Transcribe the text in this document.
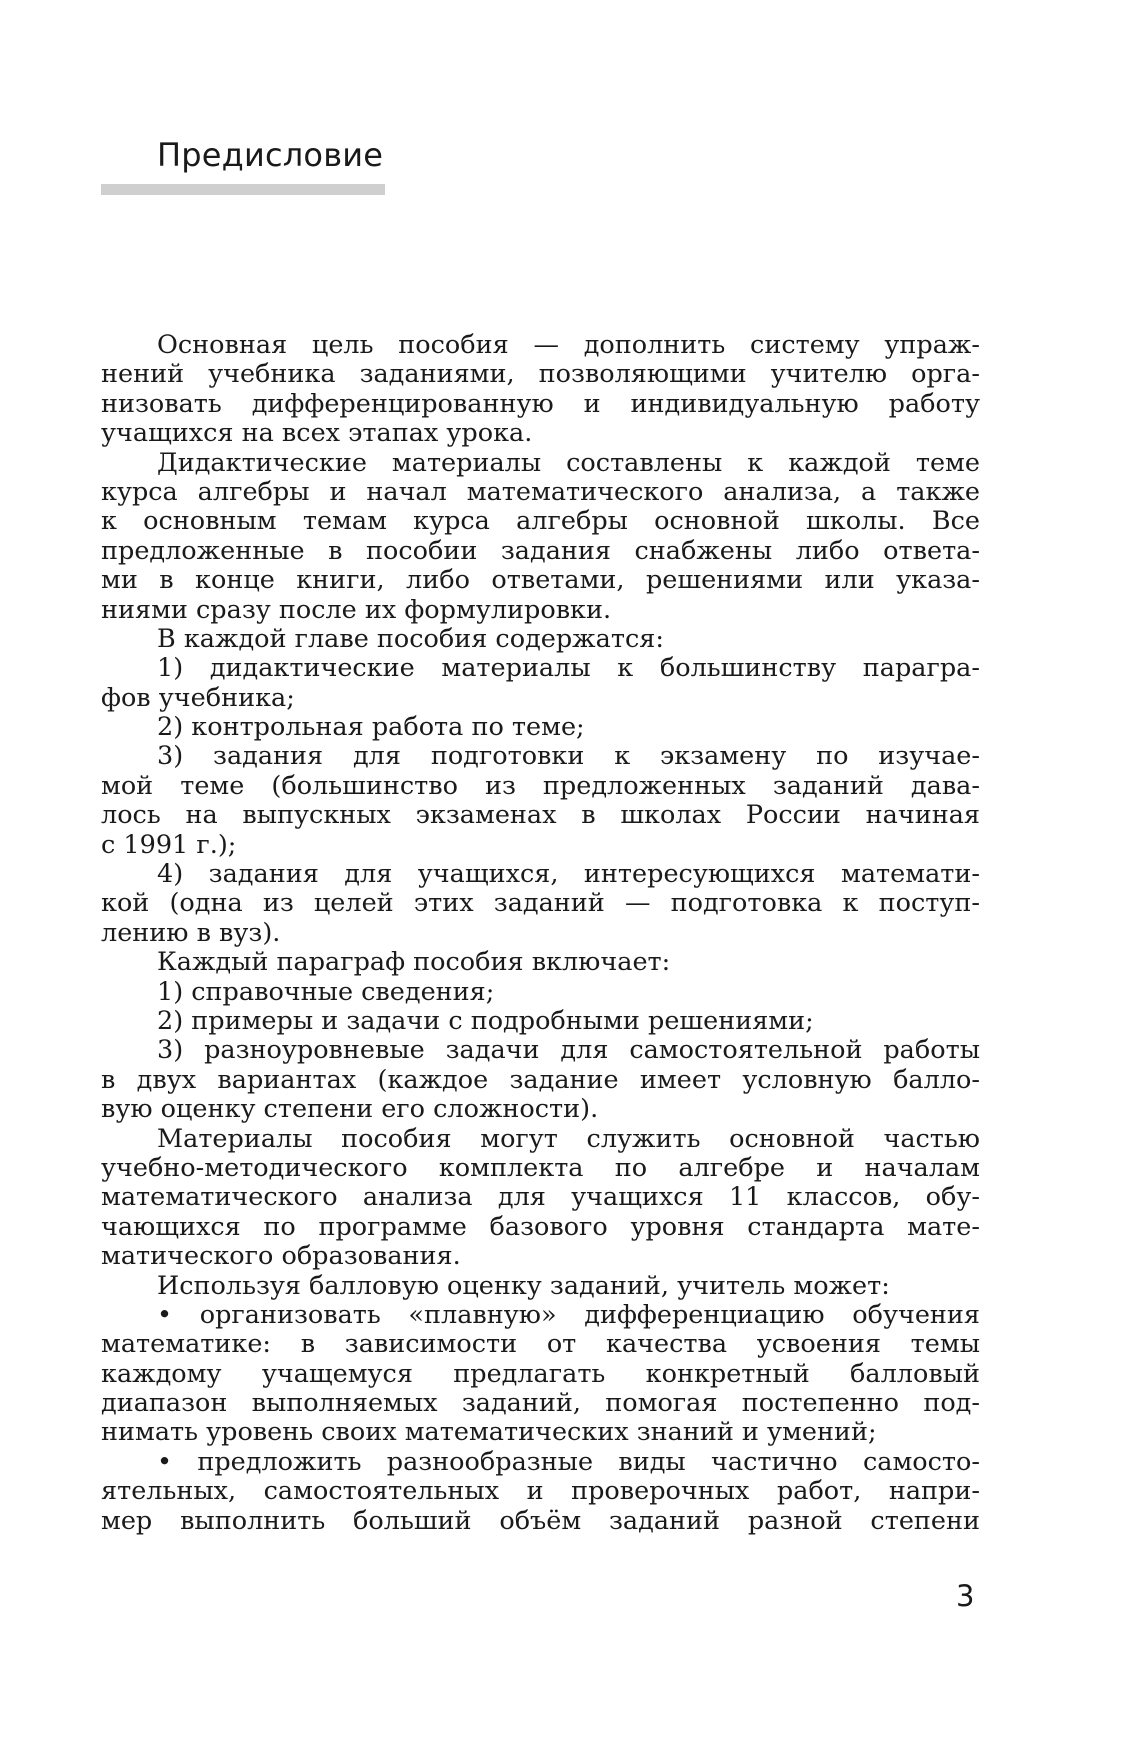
Предисловие
Основная цель пособия — дополнить систему упраж-
нений учебника заданиями, позволяющими учителю орга-
низовать дифференцированную и индивидуальную работу
учащихся на всех этапах урока.
Дидактические материалы составлены к каждой теме
курса алгебры и начал математического анализа, а также
к основным темам курса алгебры основной школы. Все
предложенные в пособии задания снабжены либо ответа-
ми в конце книги, либо ответами, решениями или указа-
ниями сразу после их формулировки.
В каждой главе пособия содержатся:
1) дидактические материалы к большинству парагра-
фов учебника;
2) контрольная работа по теме;
3) задания для подготовки к экзамену по изучае-
мой теме (большинство из предложенных заданий дава-
лось на выпускных экзаменах в школах России начиная
с 1991 г.);
4) задания для учащихся, интересующихся математи-
кой (одна из целей этих заданий — подготовка к поступ-
лению в вуз).
Каждый параграф пособия включает:
1) справочные сведения;
2) примеры и задачи с подробными решениями;
3) разноуровневые задачи для самостоятельной работы
в двух вариантах (каждое задание имеет условную балло-
вую оценку степени его сложности).
Материалы пособия могут служить основной частью
учебно-методического комплекта по алгебре и началам
математического анализа для учащихся 11 классов, обу-
чающихся по программе базового уровня стандарта мате-
матического образования.
Используя балловую оценку заданий, учитель может:
• организовать «плавную» дифференциацию обучения
математике: в зависимости от качества усвоения темы
каждому учащемуся предлагать конкретный балловый
диапазон выполняемых заданий, помогая постепенно под-
нимать уровень своих математических знаний и умений;
• предложить разнообразные виды частично самосто-
ятельных, самостоятельных и проверочных работ, напри-
мер выполнить больший объём заданий разной степени
3
